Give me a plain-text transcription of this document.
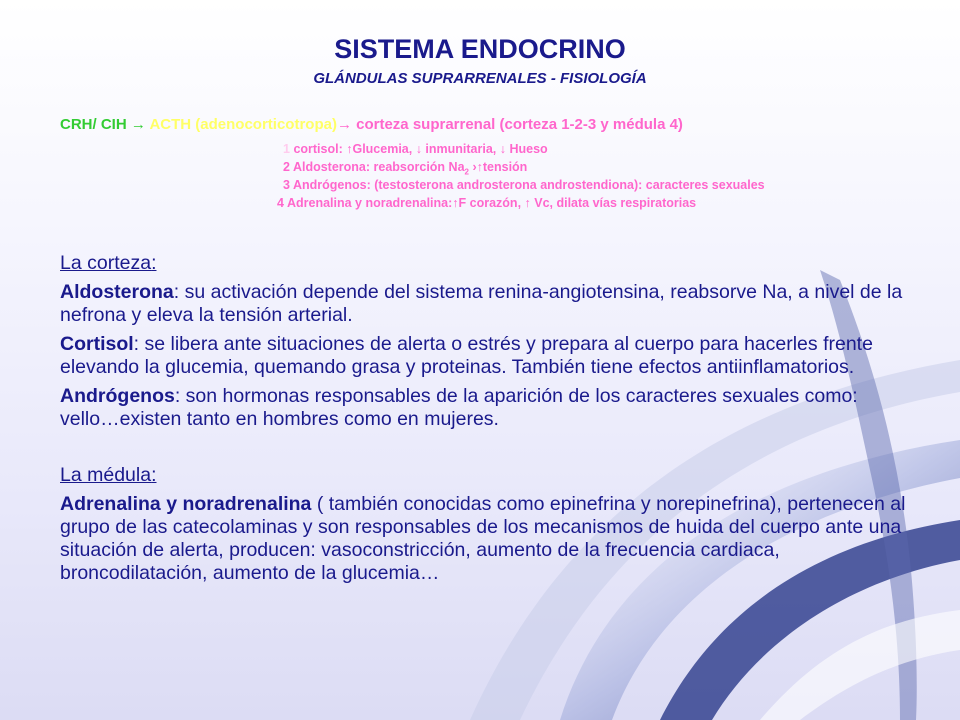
SISTEMA ENDOCRINO
GLÁNDULAS SUPRARRENALES - FISIOLOGÍA
CRH/ CIH → ACTH (adenocorticotropa)→ corteza suprarrenal (corteza 1-2-3 y médula 4)
1 cortisol: ↑Glucemia, ↓ inmunitaria, ↓ Hueso
2 Aldosterona: reabsorción $Na_2$ ›↑tensión
3 Andrógenos: (testosterona androsterona androstendiona): caracteres sexuales
4 Adrenalina y noradrenalina:↑F corazón, ↑ Vc, dilata vías respiratorias

La corteza:

Aldosterona: su activación depende del sistema renina-angiotensina, reabsorve Na, a nivel de la nefrona y eleva la tensión arterial.

Cortisol: se libera ante situaciones de alerta o estrés y prepara al cuerpo para hacerles frente elevando la glucemia, quemando grasa y proteinas. También tiene efectos antiinflamatorios.

Andrógenos: son hormonas responsables de la aparición de los caracteres sexuales como: vello…existen tanto en hombres como en mujeres.

La médula:

Adrenalina y noradrenalina ( también conocidas como epinefrina y norepinefrina), pertenecen al grupo de las catecolaminas y son responsables de los mecanismos de huida del cuerpo ante una situación de alerta, producen: vasoconstricción, aumento de la frecuencia cardiaca, broncodilatación, aumento de la glucemia…
